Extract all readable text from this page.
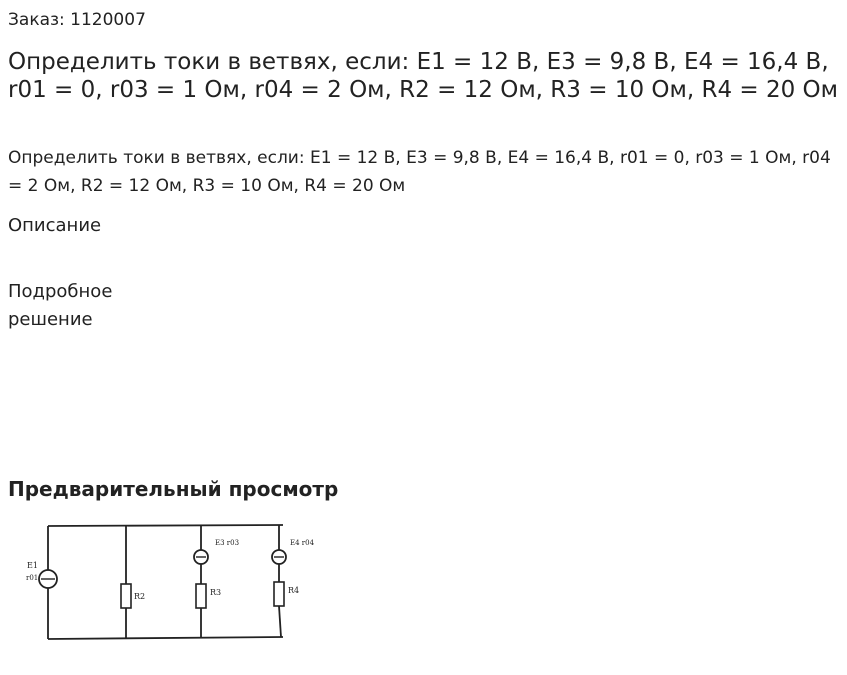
Заказ: 1120007
Определить токи в ветвях, если: E1 = 12 B, E3 = 9,8 B, E4 = 16,4 B, r01 = 0, r03 = 1 Ом, r04 = 2 Ом, R2 = 12 Ом, R3 = 10 Ом, R4 = 20 Ом

Определить токи в ветвях, если: E1 = 12 B, E3 = 9,8 B, E4 = 16,4 B, r01 = 0, r03 = 1 Ом, r04 = 2 Ом, R2 = 12 Ом, R3 = 10 Ом, R4 = 20 Ом

Описание
Подробное решение
Предварительный просмотр
E1
r01
R2
E3 r03
R3
E4 r04
R4
